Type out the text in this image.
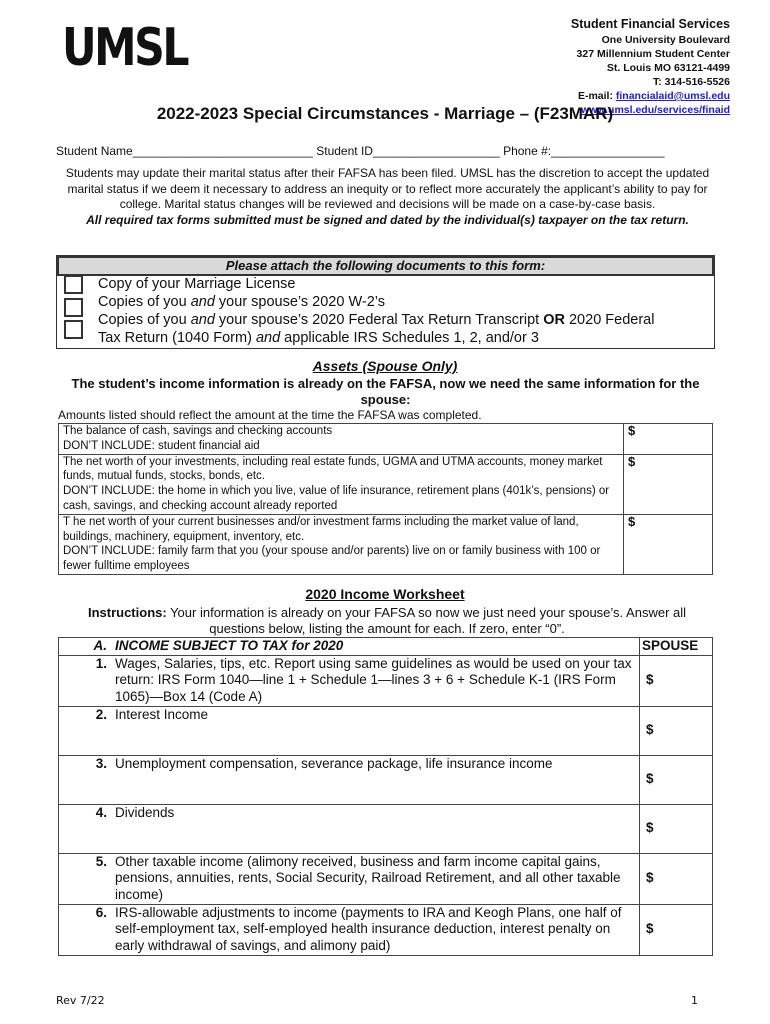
UMSL	Student Financial Services
One University Boulevard
327 Millennium Student Center
St. Louis MO 63121-4499
T: 314-516-5526
E-mail: financialaid@umsl.edu
www.umsl.edu/services/finaid
2022-2023 Special Circumstances - Marriage – (F23MAR)
Student Name___________________________ Student ID___________________ Phone #:_________________
Students may update their marital status after their FAFSA has been filed. UMSL has the discretion to accept the updated marital status if we deem it necessary to address an inequity or to reflect more accurately the applicant’s ability to pay for college. Marital status changes will be reviewed and decisions will be made on a case-by-case basis.
All required tax forms submitted must be signed and dated by the individual(s) taxpayer on the tax return.
Please attach the following documents to this form:
Copy of your Marriage License
Copies of you and your spouse’s 2020 W-2’s
Copies of you and your spouse’s 2020 Federal Tax Return Transcript OR 2020 Federal
Tax Return (1040 Form) and applicable IRS Schedules 1, 2, and/or 3
Assets (Spouse Only)
The student’s income information is already on the FAFSA, now we need the same information for the spouse:
Amounts listed should reflect the amount at the time the FAFSA was completed.
The balance of cash, savings and checking accounts
DON’T INCLUDE: student financial aid	$

The net worth of your investments, including real estate funds, UGMA and UTMA accounts, money market funds, mutual funds, stocks, bonds, etc.
DON’T INCLUDE: the home in which you live, value of life insurance, retirement plans (401k’s, pensions) or cash, savings, and checking account already reported	$

T he net worth of your current businesses and/or investment farms including the market value of land, buildings, machinery, equipment, inventory, etc.
DON’T INCLUDE: family farm that you (your spouse and/or parents) live on or family business with 100 or fewer fulltime employees	$
2020 Income Worksheet
Instructions: Your information is already on your FAFSA so now we just need your spouse’s. Answer all questions below, listing the amount for each. If zero, enter “0”.
A. INCOME SUBJECT TO TAX for 2020	SPOUSE

1. Wages, Salaries, tips, etc. Report using same guidelines as would be used on your tax return: IRS Form 1040—line 1 + Schedule 1—lines 3 + 6 + Schedule K-1 (IRS Form 1065)—Box 14 (Code A)	$

2. Interest Income	$

3. Unemployment compensation, severance package, life insurance income	$

4. Dividends	$

5. Other taxable income (alimony received, business and farm income capital gains, pensions, annuities, rents, Social Security, Railroad Retirement, and all other taxable income)	$

6. IRS-allowable adjustments to income (payments to IRA and Keogh Plans, one half of self-employment tax, self-employed health insurance deduction, interest penalty on early withdrawal of savings, and alimony paid)	$
Rev 7/22	1
